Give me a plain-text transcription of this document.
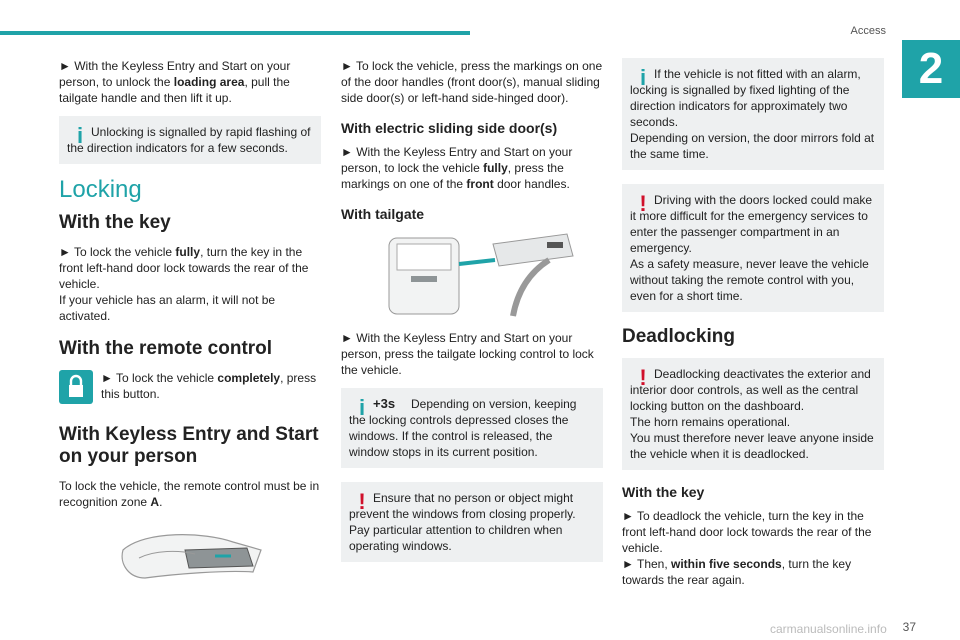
Access
2

► With the Keyless Entry and Start on your person, to unlock the loading area, pull the tailgate handle and then lift it up.

i Unlocking is signalled by rapid flashing of the direction indicators for a few seconds.
Locking
With the key

► To lock the vehicle fully, turn the key in the front left-hand door lock towards the rear of the vehicle.
If your vehicle has an alarm, it will not be activated.

With the remote control
► To lock the vehicle completely, press this button.
With Keyless Entry and Start on your person

To lock the vehicle, the remote control must be in recognition zone A.

► To lock the vehicle, press the markings on one of the door handles (front door(s), manual sliding side door(s) or left-hand side-hinged door).

With electric sliding side door(s)

► With the Keyless Entry and Start on your person, to lock the vehicle fully, press the markings on one of the front door handles.

With tailgate

► With the Keyless Entry and Start on your person, press the tailgate locking control to lock the vehicle.

i +3s	Depending on version, keeping the locking controls depressed closes the windows. If the control is released, the window stops in its current position.
! Ensure that no person or object might prevent the windows from closing properly.
Pay particular attention to children when operating windows.
i If the vehicle is not fitted with an alarm, locking is signalled by fixed lighting of the direction indicators for approximately two seconds.
Depending on version, the door mirrors fold at the same time.
! Driving with the doors locked could make it more difficult for the emergency services to enter the passenger compartment in an emergency.
As a safety measure, never leave the vehicle without taking the remote control with you, even for a short time.
Deadlocking
! Deadlocking deactivates the exterior and interior door controls, as well as the central locking button on the dashboard.
The horn remains operational.
You must therefore never leave anyone inside the vehicle when it is deadlocked.
With the key

► To deadlock the vehicle, turn the key in the front left-hand door lock towards the rear of the vehicle.
► Then, within five seconds, turn the key towards the rear again.

carmanualsonline.info 37
